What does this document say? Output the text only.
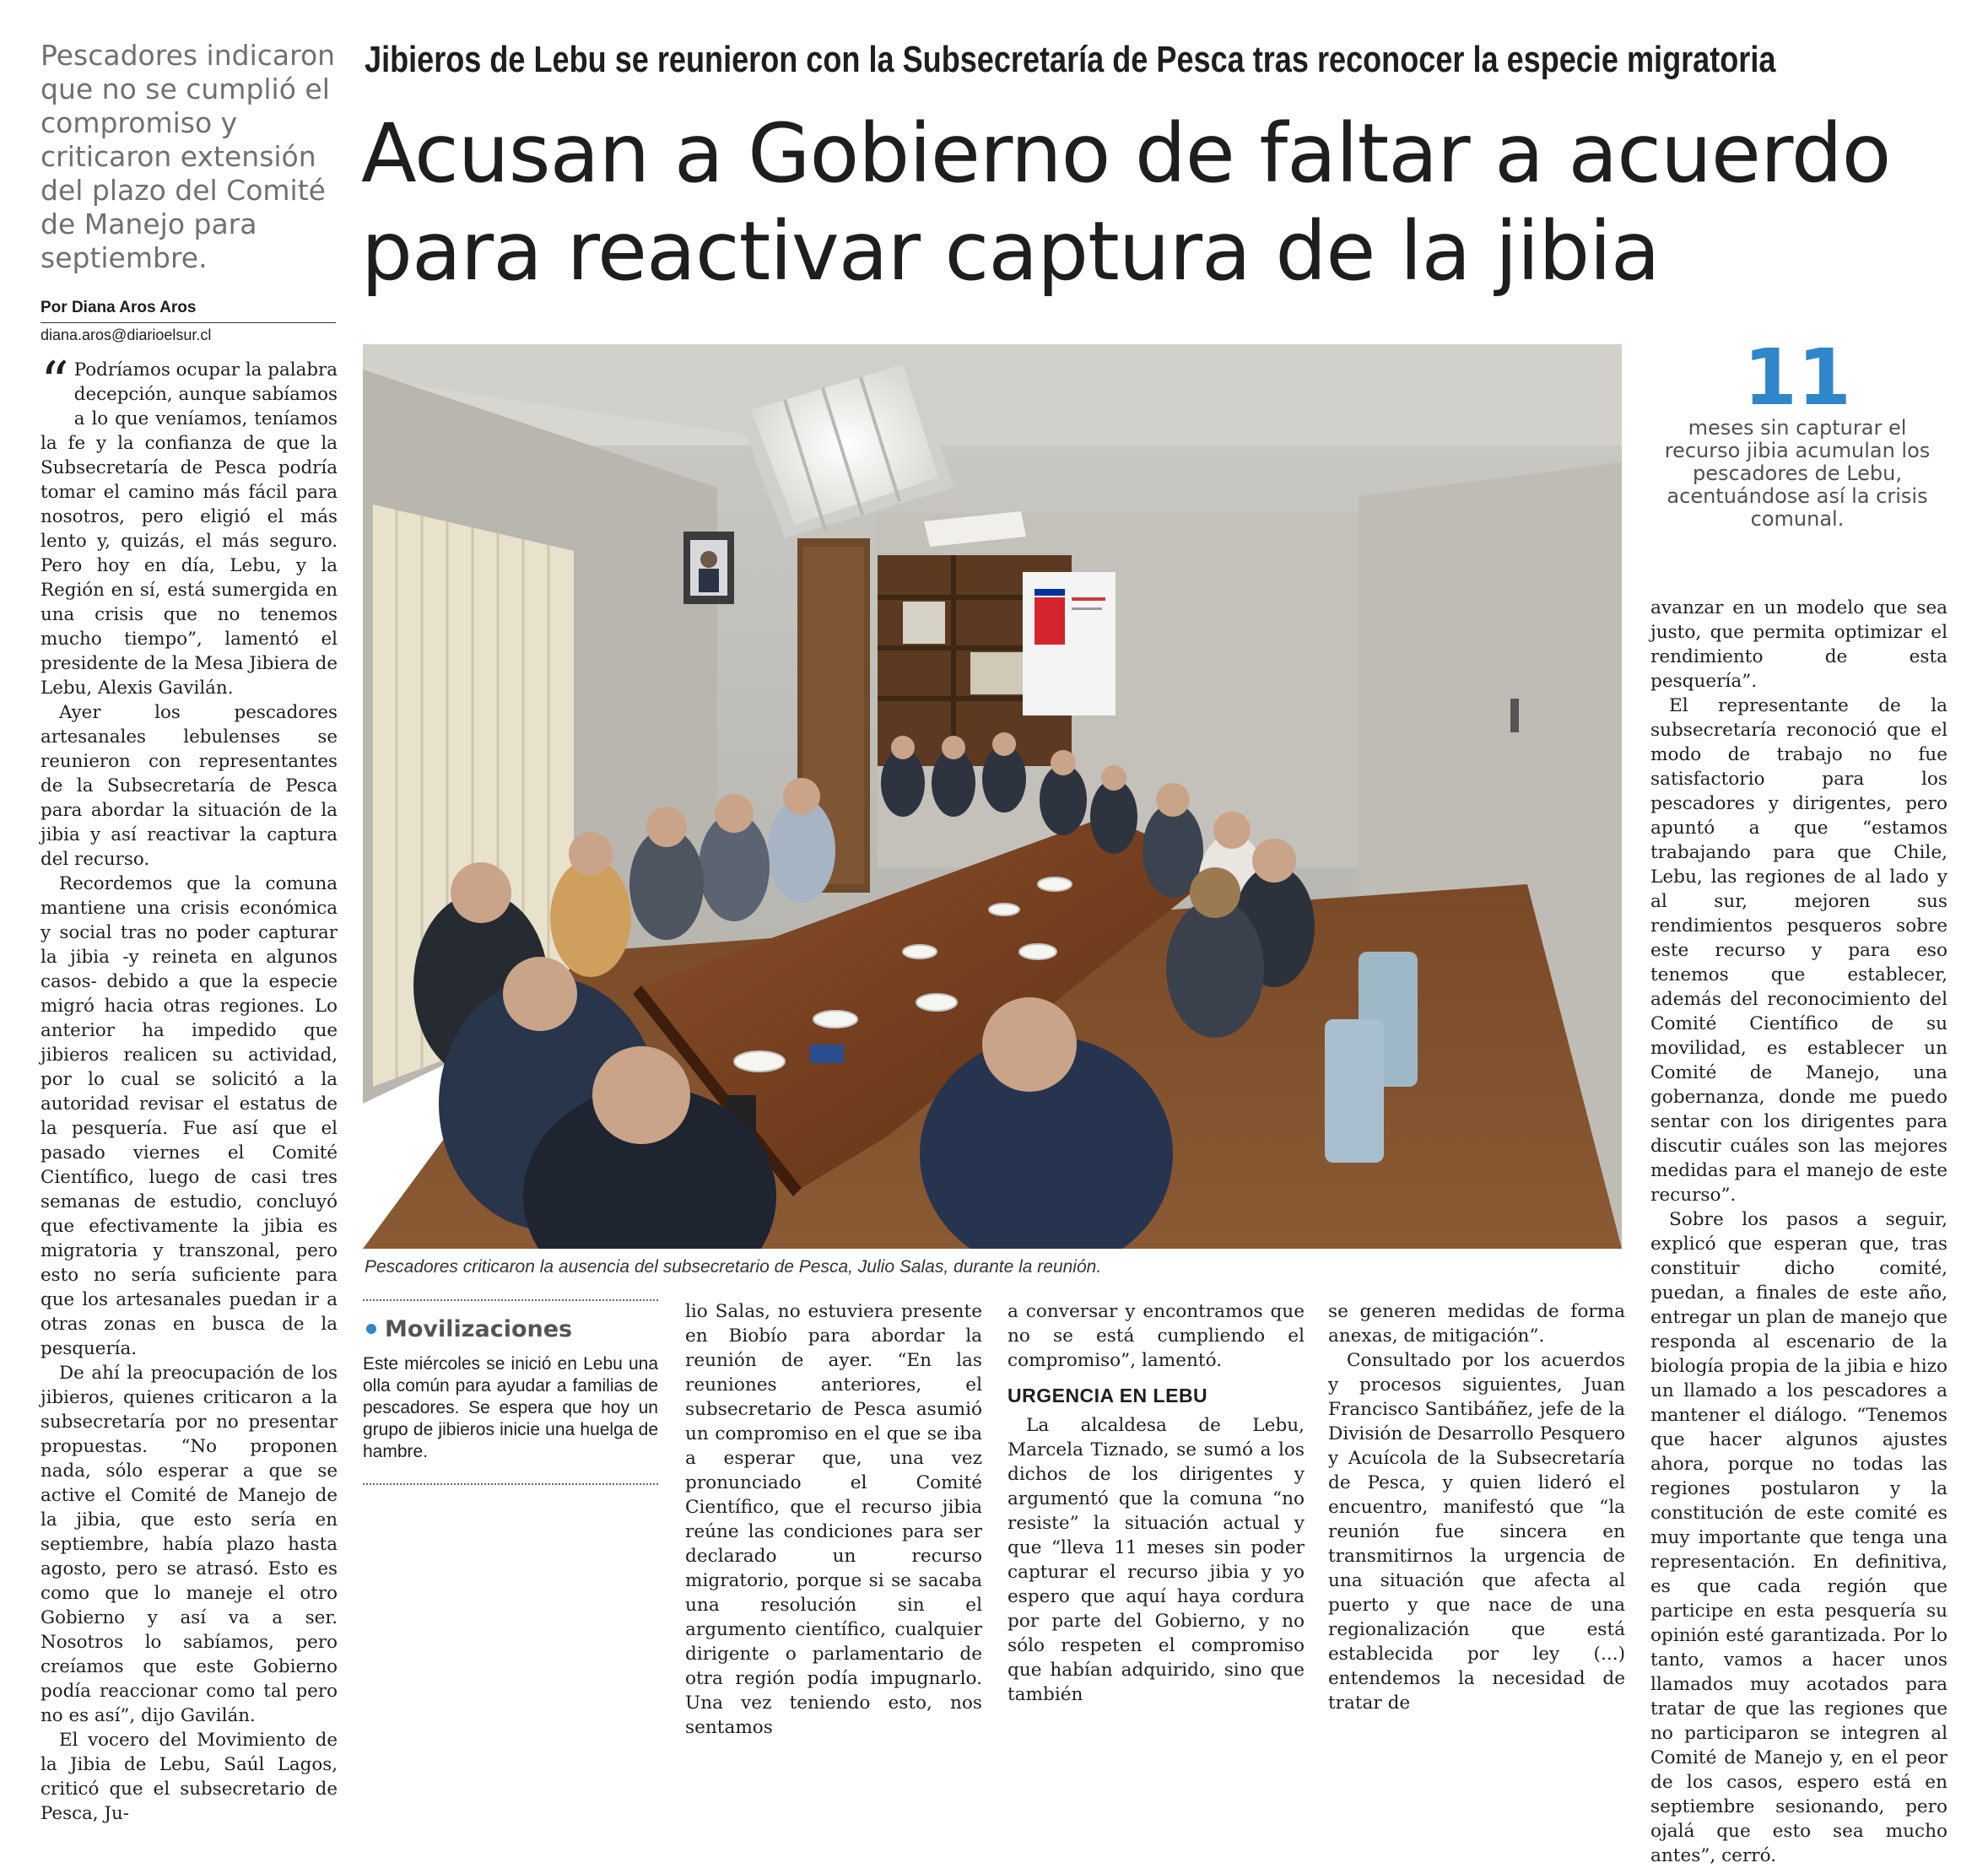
Pescadores indicaron que no se cumplió el compromiso y criticaron extensión del plazo del Comité de Manejo para septiembre.
Jibieros de Lebu se reunieron con la Subsecretaría de Pesca tras reconocer la especie migratoria
Acusan a Gobierno de faltar a acuerdo para reactivar captura de la jibia
Por Diana Aros Aros
diana.aros@diarioelsur.cl

“ Podríamos ocupar la palabra decepción, aunque sabíamos a lo que veníamos, teníamos la fe y la confianza de que la Subsecretaría de Pesca podría tomar el camino más fácil para nosotros, pero eligió el más lento y, quizás, el más seguro. Pero hoy en día, Lebu, y la Región en sí, está sumergida en una crisis que no tenemos mucho tiempo”, lamentó el presidente de la Mesa Jibiera de Lebu, Alexis Gavilán.

Ayer los pescadores artesanales lebulenses se reunieron con representantes de la Subsecretaría de Pesca para abordar la situación de la jibia y así reactivar la captura del recurso.

Recordemos que la comuna mantiene una crisis económica y social tras no poder capturar la jibia -y reineta en algunos casos- debido a que la especie migró hacia otras regiones. Lo anterior ha impedido que jibieros realicen su actividad, por lo cual se solicitó a la autoridad revisar el estatus de la pesquería. Fue así que el pasado viernes el Comité Científico, luego de casi tres semanas de estudio, concluyó que efectivamente la jibia es migratoria y transzonal, pero esto no sería suficiente para que los artesanales puedan ir a otras zonas en busca de la pesquería.

De ahí la preocupación de los jibieros, quienes criticaron a la subsecretaría por no presentar propuestas. “No proponen nada, sólo esperar a que se active el Comité de Manejo de la jibia, que esto sería en septiembre, había plazo hasta agosto, pero se atrasó. Esto es como que lo maneje el otro Gobierno y así va a ser. Nosotros lo sabíamos, pero creíamos que este Gobierno podía reaccionar como tal pero no es así”, dijo Gavilán.

El vocero del Movimiento de la Jibia de Lebu, Saúl Lagos, criticó que el subsecretario de Pesca, Ju-

Pescadores criticaron la ausencia del subsecretario de Pesca, Julio Salas, durante la reunión.
11
meses sin capturar el recurso jibia acumulan los pescadores de Lebu, acentuándose así la crisis comunal.
Movilizaciones
Este miércoles se inició en Lebu una olla común para ayudar a familias de pescadores. Se espera que hoy un grupo de jibieros inicie una huelga de hambre.

lio Salas, no estuviera presente en Biobío para abordar la reunión de ayer. “En las reuniones anteriores, el subsecretario de Pesca asumió un compromiso en el que se iba a esperar que, una vez pronunciado el Comité Científico, que el recurso jibia reúne las condiciones para ser declarado un recurso migratorio, porque si se sacaba una resolución sin el argumento científico, cualquier dirigente o parlamentario de otra región podía impugnarlo. Una vez teniendo esto, nos sentamos

a conversar y encontramos que no se está cumpliendo el compromiso”, lamentó.

URGENCIA EN LEBU

La alcaldesa de Lebu, Marcela Tiznado, se sumó a los dichos de los dirigentes y argumentó que la comuna “no resiste” la situación actual y que “lleva 11 meses sin poder capturar el recurso jibia y yo espero que aquí haya cordura por parte del Gobierno, y no sólo respeten el compromiso que habían adquirido, sino que también

se generen medidas de forma anexas, de mitigación”.

Consultado por los acuerdos y procesos siguientes, Juan Francisco Santibáñez, jefe de la División de Desarrollo Pesquero y Acuícola de la Subsecretaría de Pesca, y quien lideró el encuentro, manifestó que “la reunión fue sincera en transmitirnos la urgencia de una situación que afecta al puerto y que nace de una regionalización que está establecida por ley (...) entendemos la necesidad de tratar de

avanzar en un modelo que sea justo, que permita optimizar el rendimiento de esta pesquería”.

El representante de la subsecretaría reconoció que el modo de trabajo no fue satisfactorio para los pescadores y dirigentes, pero apuntó a que “estamos trabajando para que Chile, Lebu, las regiones de al lado y al sur, mejoren sus rendimientos pesqueros sobre este recurso y para eso tenemos que establecer, además del reconocimiento del Comité Científico de su movilidad, es establecer un Comité de Manejo, una gobernanza, donde me puedo sentar con los dirigentes para discutir cuáles son las mejores medidas para el manejo de este recurso”.

Sobre los pasos a seguir, explicó que esperan que, tras constituir dicho comité, puedan, a finales de este año, entregar un plan de manejo que responda al escenario de la biología propia de la jibia e hizo un llamado a los pescadores a mantener el diálogo. “Tenemos que hacer algunos ajustes ahora, porque no todas las regiones postularon y la constitución de este comité es muy importante que tenga una representación. En definitiva, es que cada región que participe en esta pesquería su opinión esté garantizada. Por lo tanto, vamos a hacer unos llamados muy acotados para tratar de que las regiones que no participaron se integren al Comité de Manejo y, en el peor de los casos, espero está en septiembre sesionando, pero ojalá que esto sea mucho antes”, cerró.
